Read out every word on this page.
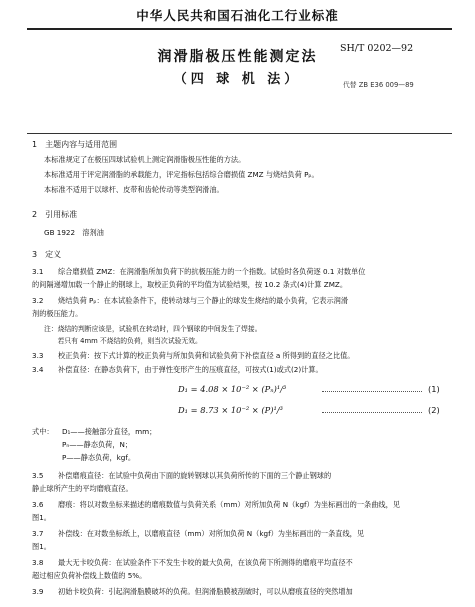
中华人民共和国石油化工行业标准
SH/T 0202—92
润滑脂极压性能测定法
（四 球 机 法）	代替 ZB E36 009—89
1　主题内容与适用范围
本标准规定了在极压四球试验机上测定润滑脂极压性能的方法。
本标准适用于评定润滑脂的承载能力，评定指标包括综合磨损值 ZMZ 与烧结负荷 Pₚ。
本标准不适用于以球杆、皮带和齿轮传动等类型润滑油。
2　引用标准
GB 1922　溶剂油
3　定义
3.1 综合磨损值 ZMZ：在润滑脂所加负荷下的抗极压能力的一个指数。试验时各负荷逐 0.1 对数单位
的间隔递增加载一个静止的钢球上，取校正负荷的平均值为试验结果，按 10.2 条式(4)计算 ZMZ。
3.2 烧结负荷 Pₚ：在本试验条件下，使转动球与三个静止的球发生烧结的最小负荷，它表示润滑
剂的极压能力。
注：烧结的判断应该是，试验机在转动时，四个钢球的中间发生了焊接。
　　若只有 4mm 不烧结的负荷，则当次试验无效。
3.3 校正负荷：按下式计算的校正负荷与所加负荷和试验负荷下补偿直径 a 所得到的直径之比值。
3.4 补偿直径：在静态负荷下，由于弹性变形产生的压痕直径，可按式(1)或式(2)计算。
D₁ = 4.08 × 10⁻² × (Pₙ)¹/³	(1)
D₁ = 8.73 × 10⁻² × (P)¹/³	(2)
式中： D₁——接触部分直径，mm；
Pₙ——静态负荷，N；
P——静态负荷，kgf。
3.5 补偿磨痕直径：在试验中负荷由下面的旋转钢球以其负荷所传的下面的三个静止钢球的
静止球所产生的平均磨痕直径。
3.6 磨痕：将以对数坐标来描述的磨痕数值与负荷关系（mm）对所加负荷 N（kgf）为坐标画出的一条曲线，见
图1。
3.7 补偿线：在对数坐标纸上，以磨痕直径（mm）对所加负荷 N（kgf）为坐标画出的一条直线，见
图1。
3.8 最大无卡咬负荷：在试验条件下不发生卡咬的最大负荷，在该负荷下所测得的磨痕平均直径不
超过相应负荷补偿线上数值的 5%。
3.9 初始卡咬负荷：引起润滑脂膜破坏的负荷。但润滑脂膜被刮破时，可以从磨痕直径的突然增加
